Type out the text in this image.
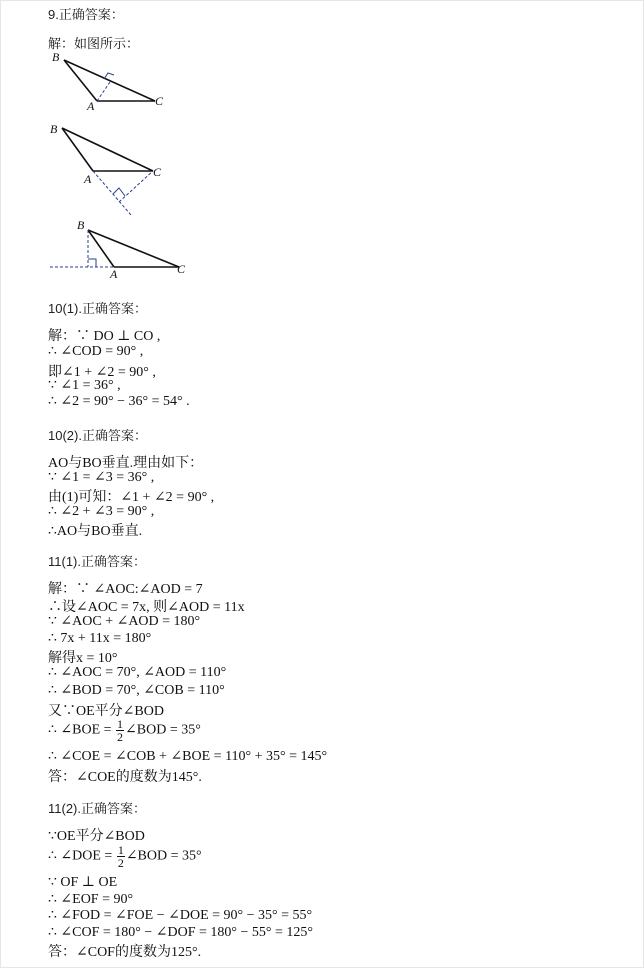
9.正确答案：
解：如图所示：
B
A	C
B
A	C
B
A	C
10(1).正确答案：
解：∵ DO ⊥ CO ,
∴ ∠COD = 90° ,
即∠1 + ∠2 = 90° ,
∵ ∠1 = 36° ,
∴ ∠2 = 90° − 36° = 54° .
10(2).正确答案：
AO与BO垂直.理由如下：
∵ ∠1 = ∠3 = 36° ,
由(1)可知：∠1 + ∠2 = 90° ,
∴ ∠2 + ∠3 = 90° ,
∴AO与BO垂直.
11(1).正确答案：
解：∵ ∠AOC:∠AOD = 7
∴设∠AOC = 7x, 则∠AOD = 11x
∵ ∠AOC + ∠AOD = 180°
∴ 7x + 11x = 180°
解得x = 10°
∴ ∠AOC = 70°, ∠AOD = 110°
∴ ∠BOD = 70°, ∠COB = 110°
又∵OE平分∠BOD
∴ ∠BOE = $\frac{1}{2}$ ∠BOD = 35°
∴ ∠COE = ∠COB + ∠BOE = 110° + 35° = 145°
答：∠COE的度数为145°.
11(2).正确答案：
∵OE平分∠BOD
∴ ∠DOE = $\frac{1}{2}$ ∠BOD = 35°
∵ OF ⊥ OE
∴ ∠EOF = 90°
∴ ∠FOD = ∠FOE − ∠DOE = 90° − 35° = 55°
∴ ∠COF = 180° − ∠DOF = 180° − 55° = 125°
答：∠COF的度数为125°.
